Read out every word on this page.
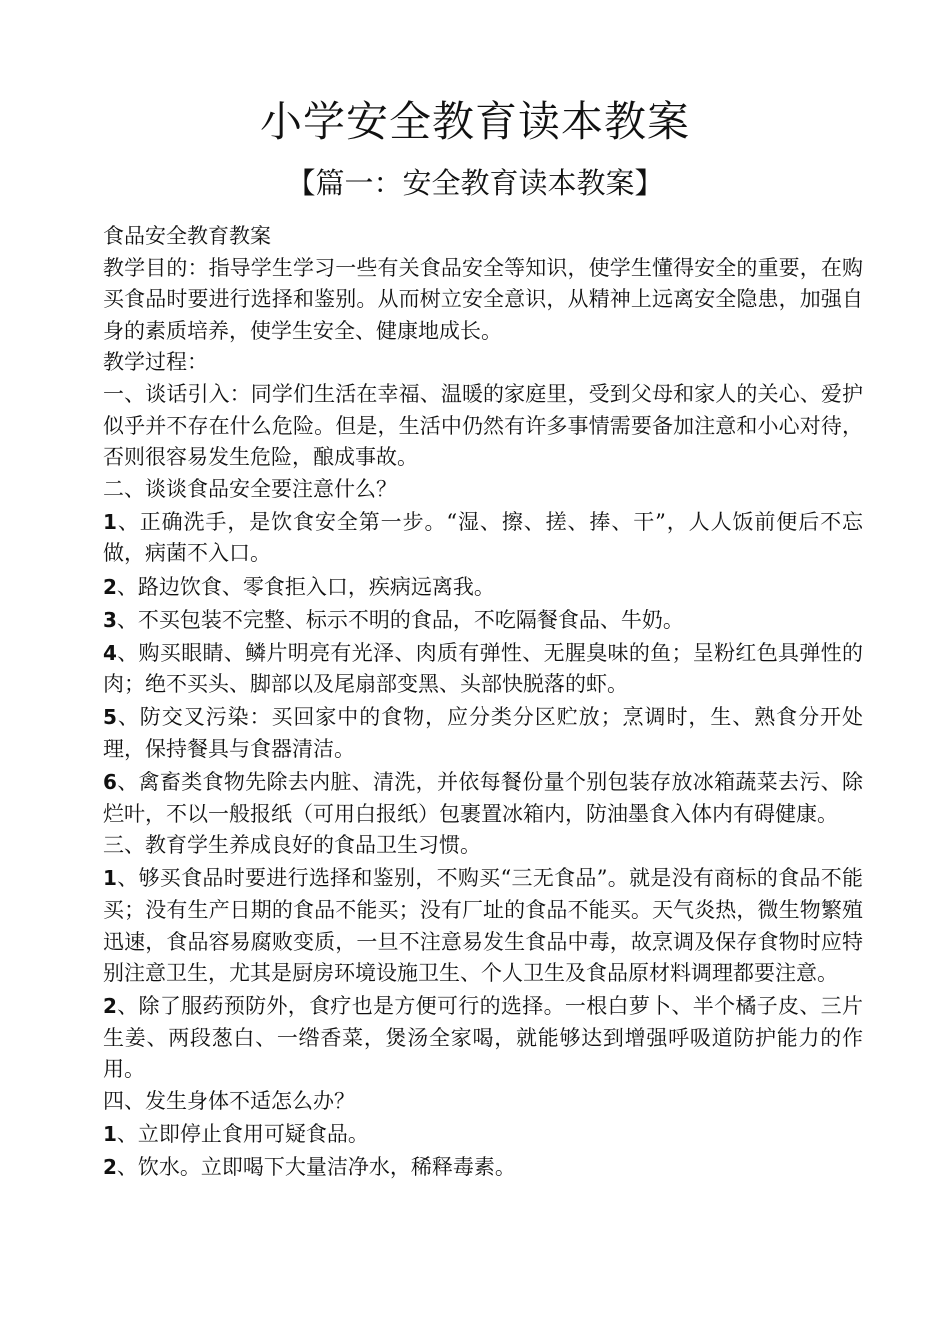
小学安全教育读本教案
【篇一：安全教育读本教案】

食品安全教育教案

教学目的：指导学生学习一些有关食品安全等知识，使学生懂得安全的重要，在购买食品时要进行选择和鉴别。从而树立安全意识，从精神上远离安全隐患，加强自身的素质培养，使学生安全、健康地成长。

教学过程：

一、谈话引入：同学们生活在幸福、温暖的家庭里，受到父母和家人的关心、爱护似乎并不存在什么危险。但是，生活中仍然有许多事情需要备加注意和小心对待，否则很容易发生危险，酿成事故。

二、谈谈食品安全要注意什么？

1、正确洗手，是饮食安全第一步。“湿、擦、搓、捧、干”，人人饭前便后不忘做，病菌不入口。

2、路边饮食、零食拒入口，疾病远离我。

3、不买包装不完整、标示不明的食品，不吃隔餐食品、牛奶。

4、购买眼睛、鳞片明亮有光泽、肉质有弹性、无腥臭味的鱼；呈粉红色具弹性的肉；绝不买头、脚部以及尾扇部变黑、头部快脱落的虾。

5、防交叉污染：买回家中的食物，应分类分区贮放；烹调时，生、熟食分开处理，保持餐具与食器清洁。

6、禽畜类食物先除去内脏、清洗，并依每餐份量个别包装存放冰箱蔬菜去污、除烂叶，不以一般报纸（可用白报纸）包裹置冰箱内，防油墨食入体内有碍健康。

三、教育学生养成良好的食品卫生习惯。

1、够买食品时要进行选择和鉴别，不购买“三无食品”。就是没有商标的食品不能买；没有生产日期的食品不能买；没有厂址的食品不能买。天气炎热，微生物繁殖迅速，食品容易腐败变质，一旦不注意易发生食品中毒，故烹调及保存食物时应特别注意卫生，尤其是厨房环境设施卫生、个人卫生及食品原材料调理都要注意。

2、除了服药预防外，食疗也是方便可行的选择。一根白萝卜、半个橘子皮、三片生姜、两段葱白、一绺香菜，煲汤全家喝，就能够达到增强呼吸道防护能力的作用。

四、发生身体不适怎么办？

1、立即停止食用可疑食品。

2、饮水。立即喝下大量洁净水，稀释毒素。
